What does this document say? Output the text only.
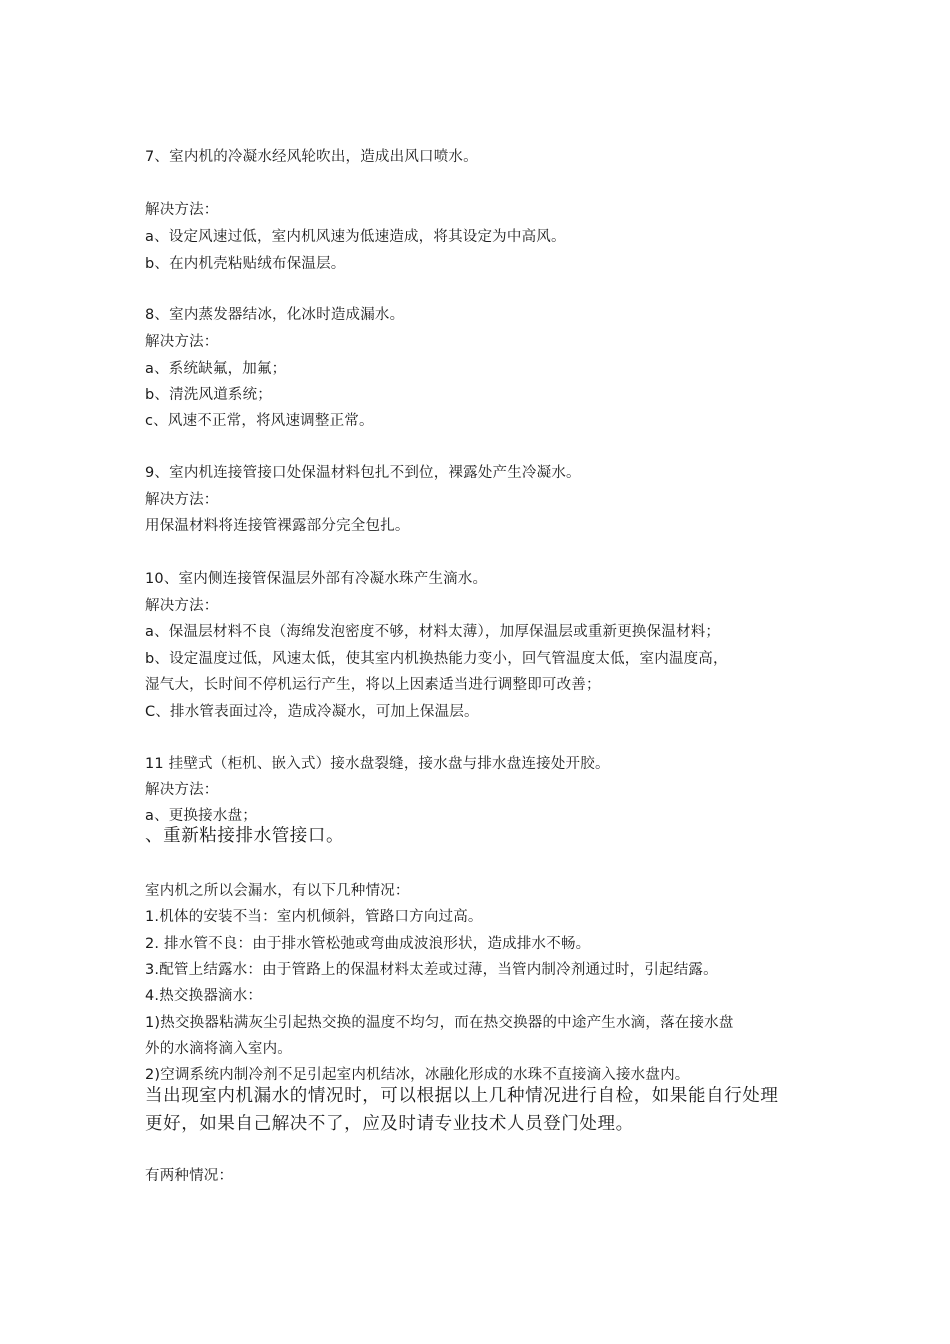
7、室内机的冷凝水经风轮吹出，造成出风口喷水。
解决方法：
a、设定风速过低，室内机风速为低速造成，将其设定为中高风。
b、在内机壳粘贴绒布保温层。
8、室内蒸发器结冰，化冰时造成漏水。
解决方法：
a、系统缺氟，加氟；
b、清洗风道系统；
c、风速不正常，将风速调整正常。
9、室内机连接管接口处保温材料包扎不到位，裸露处产生冷凝水。
解决方法：
用保温材料将连接管裸露部分完全包扎。
10、室内侧连接管保温层外部有冷凝水珠产生滴水。
解决方法：
a、保温层材料不良（海绵发泡密度不够，材料太薄），加厚保温层或重新更换保温材料；
b、设定温度过低，风速太低，使其室内机换热能力变小，回气管温度太低，室内温度高，
湿气大，长时间不停机运行产生，将以上因素适当进行调整即可改善；
C、排水管表面过冷，造成冷凝水，可加上保温层。
11 挂壁式（柜机、嵌入式）接水盘裂缝，接水盘与排水盘连接处开胶。
解决方法：
a、更换接水盘；
、重新粘接排水管接口。
室内机之所以会漏水，有以下几种情况：
1.机体的安装不当：室内机倾斜，管路口方向过高。
2. 排水管不良：由于排水管松弛或弯曲成波浪形状，造成排水不畅。
3.配管上结露水：由于管路上的保温材料太差或过薄，当管内制冷剂通过时，引起结露。
4.热交换器滴水：
1)热交换器粘满灰尘引起热交换的温度不均匀，而在热交换器的中途产生水滴，落在接水盘
外的水滴将滴入室内。
2)空调系统内制冷剂不足引起室内机结冰，冰融化形成的水珠不直接滴入接水盘内。
当出现室内机漏水的情况时，可以根据以上几种情况进行自检，如果能自行处理
更好，如果自己解决不了，应及时请专业技术人员登门处理。
有两种情况：
